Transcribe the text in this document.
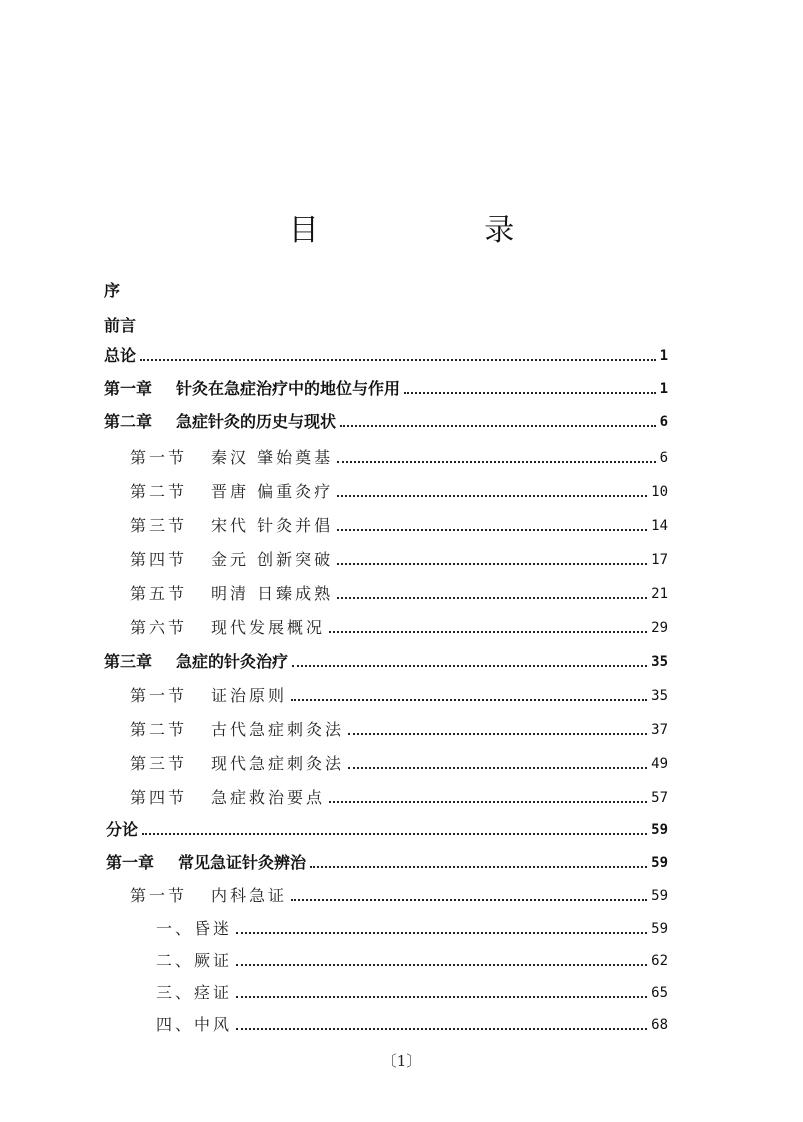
目 录
序
前言
总论	1
第一章 针灸在急症治疗中的地位与作用	1
第二章 急症针灸的历史与现状	6
第一节 秦汉 肇始奠基	6
第二节 晋唐 偏重灸疗	10
第三节 宋代 针灸并倡	14
第四节 金元 创新突破	17
第五节 明清 日臻成熟	21
第六节 现代发展概况	29
第三章 急症的针灸治疗	35
第一节 证治原则	35
第二节 古代急症刺灸法	37
第三节 现代急症刺灸法	49
第四节 急症救治要点	57
分论	59
第一章 常见急证针灸辨治	59
第一节 内科急证	59
一、昏迷	59
二、厥证	62
三、痉证	65
四、中风	68
〔1〕
